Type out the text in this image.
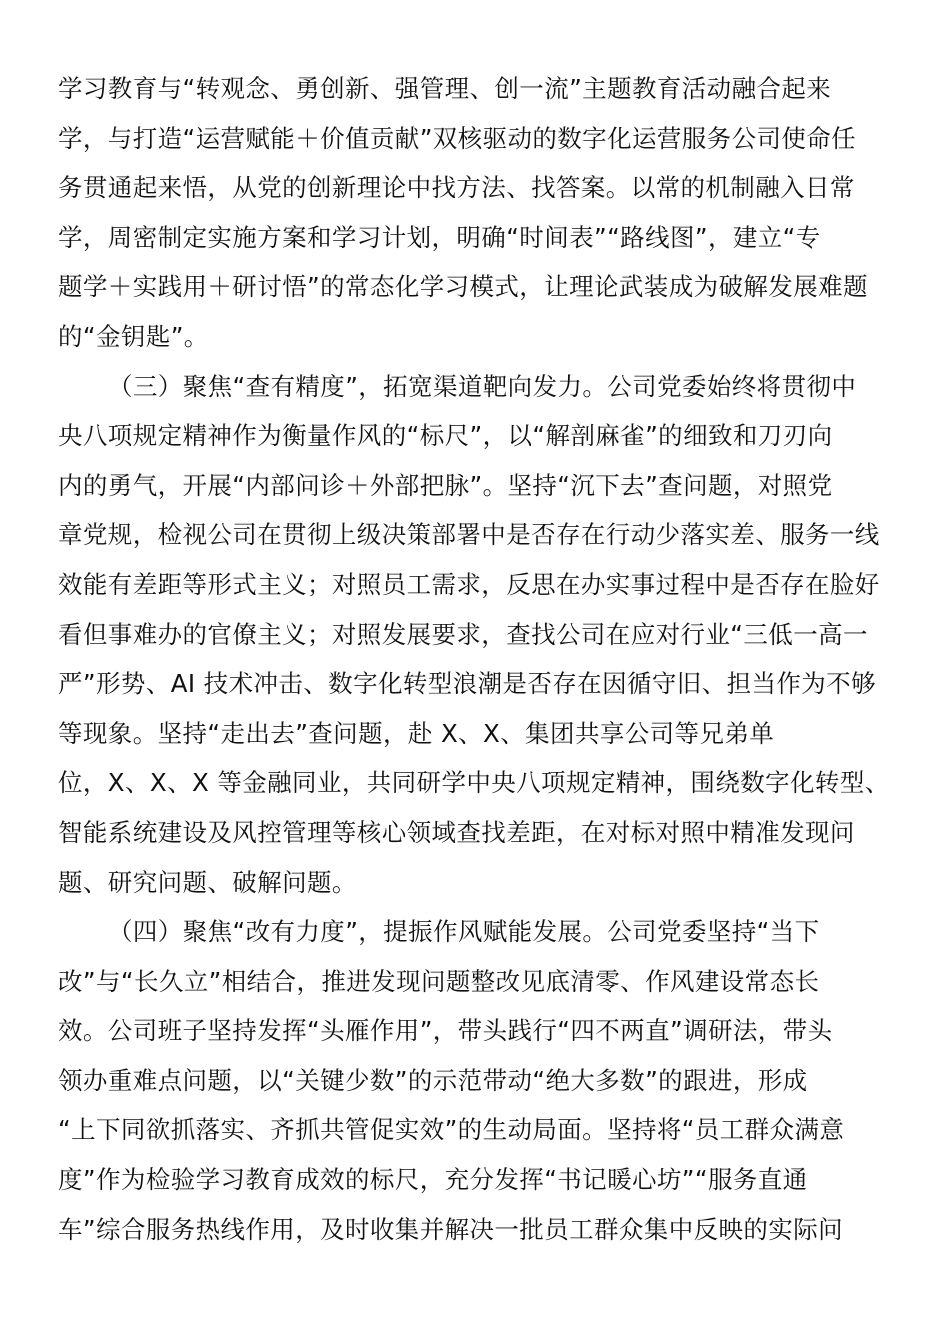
学习教育与“转观念、勇创新、强管理、创一流”主题教育活动融合起来
学，与打造“运营赋能＋价值贡献”双核驱动的数字化运营服务公司使命任
务贯通起来悟，从党的创新理论中找方法、找答案。以常的机制融入日常
学，周密制定实施方案和学习计划，明确“时间表”“路线图”，建立“专
题学＋实践用＋研讨悟”的常态化学习模式，让理论武装成为破解发展难题
的“金钥匙”。
（三）聚焦“查有精度”，拓宽渠道靶向发力。公司党委始终将贯彻中
央八项规定精神作为衡量作风的“标尺”，以“解剖麻雀”的细致和刀刃向
内的勇气，开展“内部问诊＋外部把脉”。坚持“沉下去”查问题，对照党
章党规，检视公司在贯彻上级决策部署中是否存在行动少落实差、服务一线
效能有差距等形式主义；对照员工需求，反思在办实事过程中是否存在脸好
看但事难办的官僚主义；对照发展要求，查找公司在应对行业“三低一高一
严”形势、AI 技术冲击、数字化转型浪潮是否存在因循守旧、担当作为不够
等现象。坚持“走出去”查问题，赴 X、X、集团共享公司等兄弟单
位，X、X、X 等金融同业，共同研学中央八项规定精神，围绕数字化转型、
智能系统建设及风控管理等核心领域查找差距，在对标对照中精准发现问
题、研究问题、破解问题。
（四）聚焦“改有力度”，提振作风赋能发展。公司党委坚持“当下
改”与“长久立”相结合，推进发现问题整改见底清零、作风建设常态长
效。公司班子坚持发挥“头雁作用”，带头践行“四不两直”调研法，带头
领办重难点问题，以“关键少数”的示范带动“绝大多数”的跟进，形成
“上下同欲抓落实、齐抓共管促实效”的生动局面。坚持将“员工群众满意
度”作为检验学习教育成效的标尺，充分发挥“书记暖心坊”“服务直通
车”综合服务热线作用，及时收集并解决一批员工群众集中反映的实际问
